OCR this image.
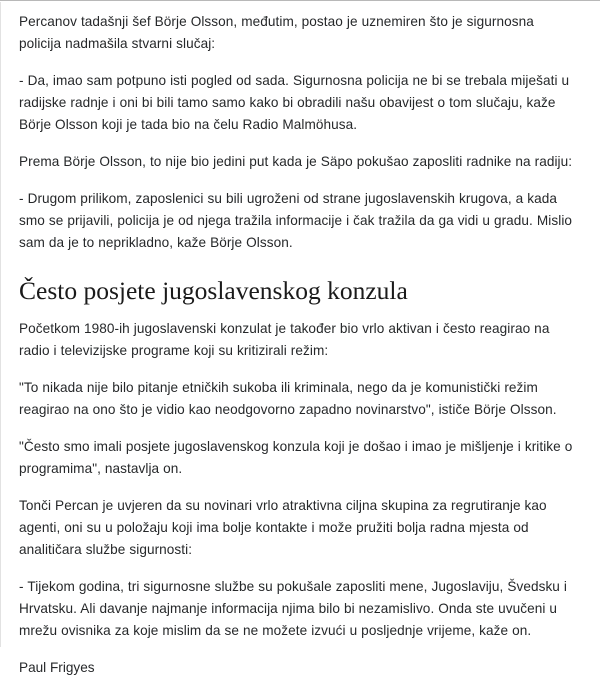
Percanov tadašnji šef Börje Olsson, međutim, postao je uznemiren što je sigurnosna policija nadmašila stvarni slučaj:

- Da, imao sam potpuno isti pogled od sada. Sigurnosna policija ne bi se trebala miješati u radijske radnje i oni bi bili tamo samo kako bi obradili našu obavijest o tom slučaju, kaže Börje Olsson koji je tada bio na čelu Radio Malmöhusa.

Prema Börje Olsson, to nije bio jedini put kada je Säpo pokušao zaposliti radnike na radiju:

- Drugom prilikom, zaposlenici su bili ugroženi od strane jugoslavenskih krugova, a kada smo se prijavili, policija je od njega tražila informacije i čak tražila da ga vidi u gradu. Mislio sam da je to neprikladno, kaže Börje Olsson.

Često posjete jugoslavenskog konzula

Početkom 1980-ih jugoslavenski konzulat je također bio vrlo aktivan i često reagirao na radio i televizijske programe koji su kritizirali režim:

"To nikada nije bilo pitanje etničkih sukoba ili kriminala, nego da je komunistički režim reagirao na ono što je vidio kao neodgovorno zapadno novinarstvo", ističe Börje Olsson.

"Često smo imali posjete jugoslavenskog konzula koji je došao i imao je mišljenje i kritike o programima", nastavlja on.

Tonči Percan je uvjeren da su novinari vrlo atraktivna ciljna skupina za regrutiranje kao agenti, oni su u položaju koji ima bolje kontakte i može pružiti bolja radna mjesta od analitičara službe sigurnosti:

- Tijekom godina, tri sigurnosne službe su pokušale zaposliti mene, Jugoslaviju, Švedsku i Hrvatsku. Ali davanje najmanje informacija njima bilo bi nezamislivo. Onda ste uvučeni u mrežu ovisnika za koje mislim da se ne možete izvući u posljednje vrijeme, kaže on.

Paul Frigyes
